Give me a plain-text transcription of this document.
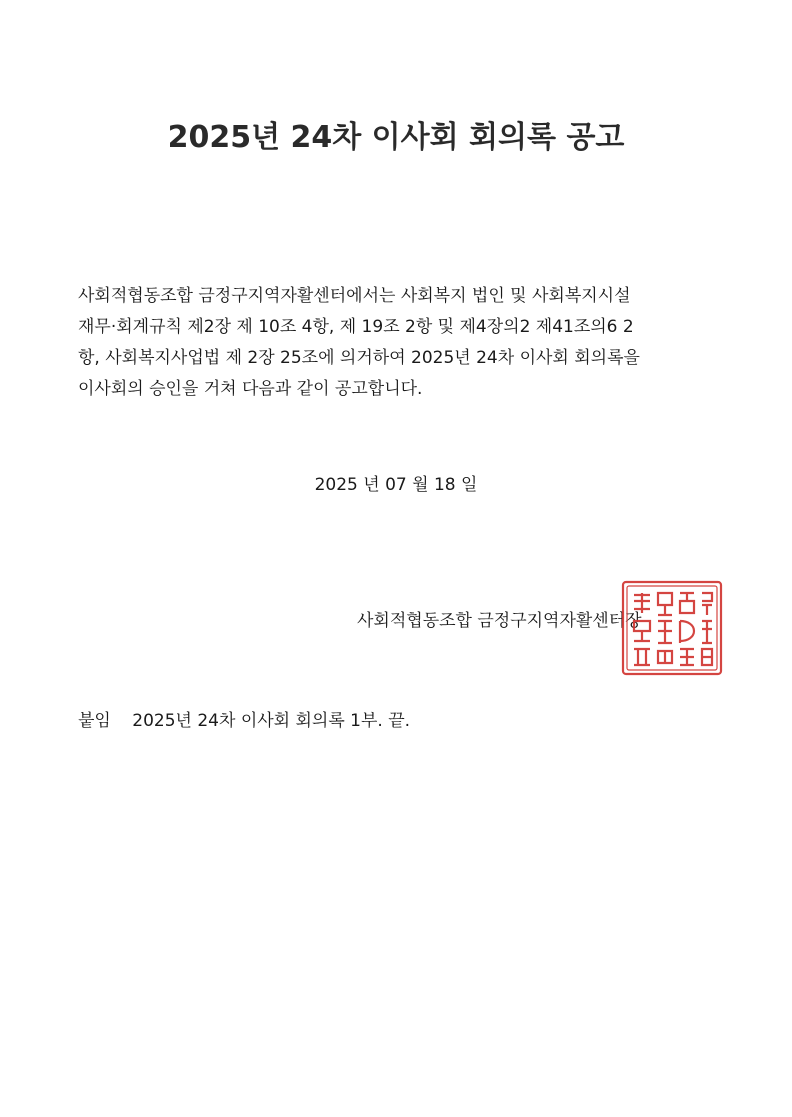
2025년 24차 이사회 회의록 공고

사회적협동조합 금정구지역자활센터에서는 사회복지 법인 및 사회복지시설
재무·회계규칙 제2장 제 10조 4항, 제 19조 2항 및 제4장의2 제41조의6 2
항, 사회복지사업법 제 2장 25조에 의거하여 2025년 24차 이사회 회의록을
이사회의 승인을 거쳐 다음과 같이 공고합니다.

2025 년 07 월 18 일

사회적협동조합 금정구지역자활센터장
붙임 2025년 24차 이사회 회의록 1부. 끝.
